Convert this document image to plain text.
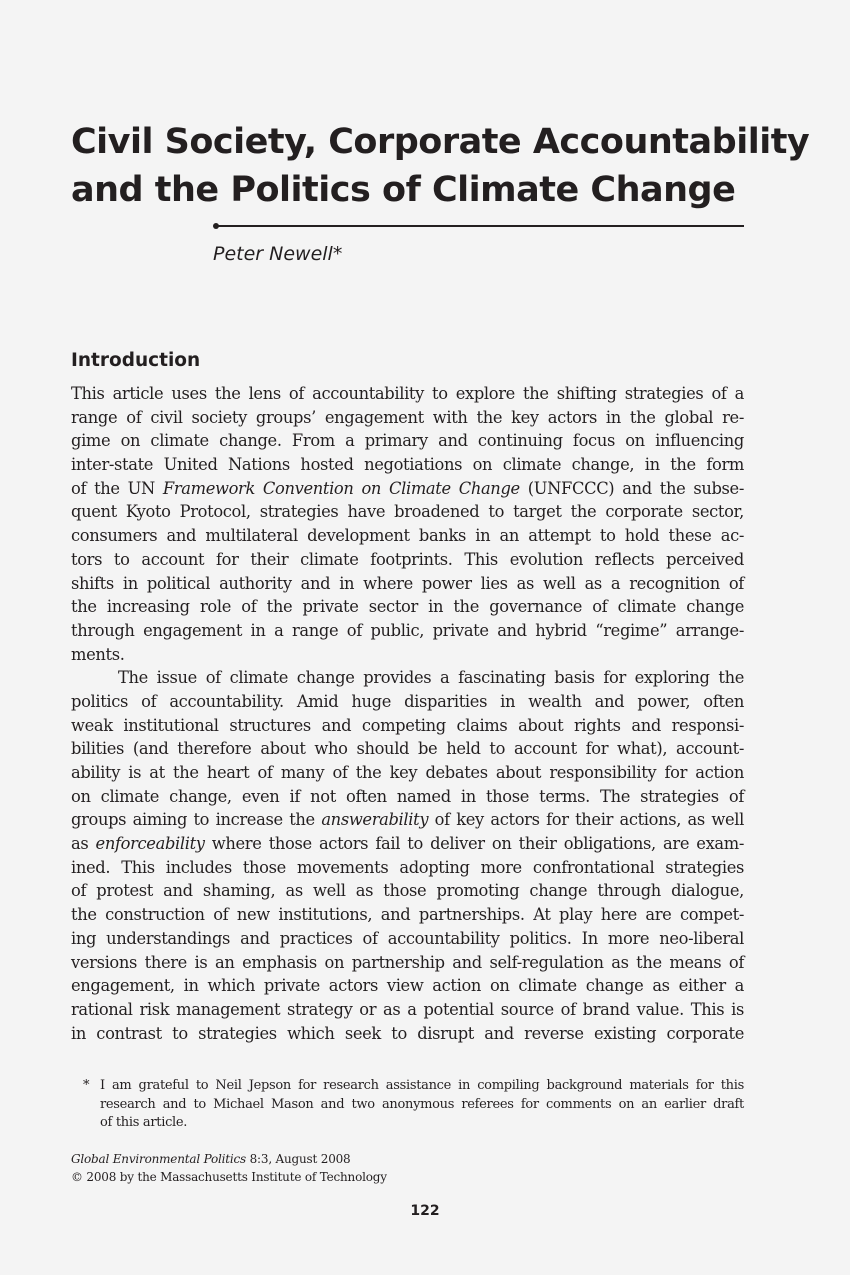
Civil Society, Corporate Accountability
and the Politics of Climate Change
Peter Newell*
Introduction
This article uses the lens of accountability to explore the shifting strategies of a
range of civil society groups’ engagement with the key actors in the global re-
gime on climate change. From a primary and continuing focus on influencing
inter-state United Nations hosted negotiations on climate change, in the form
of the UN Framework Convention on Climate Change (UNFCCC) and the subse-
quent Kyoto Protocol, strategies have broadened to target the corporate sector,
consumers and multilateral development banks in an attempt to hold these ac-
tors to account for their climate footprints. This evolution reflects perceived
shifts in political authority and in where power lies as well as a recognition of
the increasing role of the private sector in the governance of climate change
through engagement in a range of public, private and hybrid “regime” arrange-
ments.
The issue of climate change provides a fascinating basis for exploring the
politics of accountability. Amid huge disparities in wealth and power, often
weak institutional structures and competing claims about rights and responsi-
bilities (and therefore about who should be held to account for what), account-
ability is at the heart of many of the key debates about responsibility for action
on climate change, even if not often named in those terms. The strategies of
groups aiming to increase the answerability of key actors for their actions, as well
as enforceability where those actors fail to deliver on their obligations, are exam-
ined. This includes those movements adopting more confrontational strategies
of protest and shaming, as well as those promoting change through dialogue,
the construction of new institutions, and partnerships. At play here are compet-
ing understandings and practices of accountability politics. In more neo-liberal
versions there is an emphasis on partnership and self-regulation as the means of
engagement, in which private actors view action on climate change as either a
rational risk management strategy or as a potential source of brand value. This is
in contrast to strategies which seek to disrupt and reverse existing corporate
* I am grateful to Neil Jepson for research assistance in compiling background materials for this
research and to Michael Mason and two anonymous referees for comments on an earlier draft
of this article.
Global Environmental Politics 8:3, August 2008
© 2008 by the Massachusetts Institute of Technology
122
